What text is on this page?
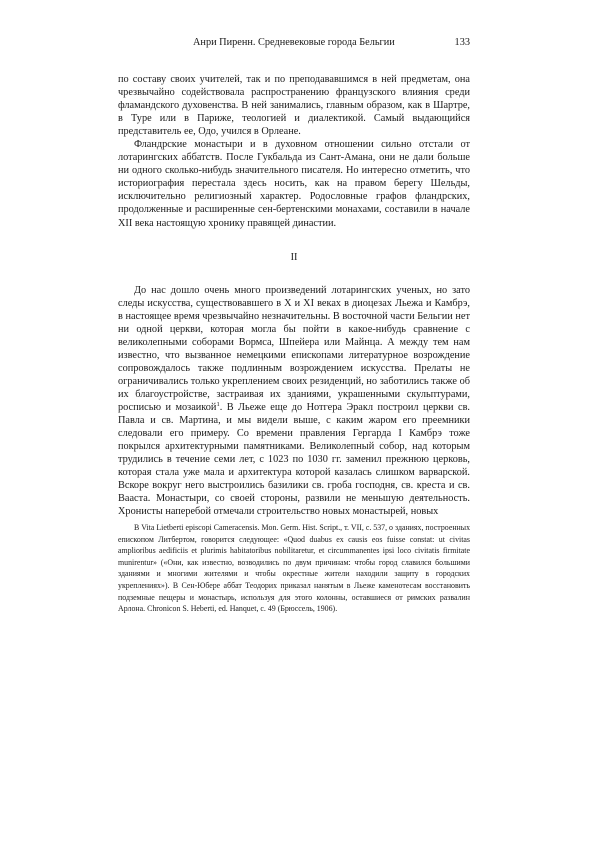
Анри Пиренн. Средневековые города Бельгии	133

по составу своих учителей, так и по преподававшимся в ней предметам, она чрезвычайно содействовала распространению французского влияния среди фламандского духовенства. В ней занимались, главным образом, как в Шартре, в Туре или в Париже, теологией и диалектикой. Самый выдающийся представитель ее, Одо, учился в Орлеане.

Фландрские монастыри и в духовном отношении сильно отстали от лотарингских аббатств. После Гукбальда из Сант-Амана, они не дали больше ни одного сколько-нибудь значительного писателя. Но интересно отметить, что историография перестала здесь носить, как на правом берегу Шельды, исключительно религиозный характер. Родословные графов фландрских, продолженные и расширенные сен-бертенскими монахами, составили в начале XII века настоящую хронику правящей династии.

II

До нас дошло очень много произведений лотарингских ученых, но зато следы искусства, существовавшего в X и XI веках в диоцезах Льежа и Камбрэ, в настоящее время чрезвычайно незначительны. В восточной части Бельгии нет ни одной церкви, которая могла бы пойти в какое-нибудь сравнение с великолепными соборами Вормса, Шпейера или Майнца. А между тем нам известно, что вызванное немецкими епископами литературное возрождение сопровождалось также подлинным возрождением искусства. Прелаты не ограничивались только укреплением своих резиденций, но заботились также об их благоустройстве, застраивая их зданиями, украшенными скульптурами, росписью и мозаикой$^1$. В Льеже еще до Нотгера Эракл построил церкви св. Павла и св. Мартина, и мы видели выше, с каким жаром его преемники следовали его примеру. Со времени правления Гергарда I Камбрэ тоже покрылся архитектурными памятниками. Великолепный собор, над которым трудились в течение семи лет, с 1023 по 1030 гг. заменил прежнюю церковь, которая стала уже мала и архитектура которой казалась слишком варварской. Вскоре вокруг него выстроились базилики св. гроба господня, св. креста и св. Вааста. Монастыри, со своей стороны, развили не меньшую деятельность. Хронисты наперебой отмечали строительство новых монастырей, новых

В Vita Lietberti episcopi Cameracensis. Mon. Germ. Hist. Script., т. VII, с. 537, о зданиях, построенных епископом Литбертом, говорится следующее: «Quod duabus ex causis eos fuisse constat: ut civitas amplioribus aedificiis et plurimis habitatoribus nobilitaretur, et circummanentes ipsi loco civitatis firmitate munirentur» («Они, как известно, возводились по двум причинам: чтобы город славился большими зданиями и многими жителями и чтобы окрестные жители находили защиту в городских укреплениях»). В Сен-Юбере аббат Теодорих приказал нанятым в Льеже каменотесам восстановить подземные пещеры и монастырь, используя для этого колонны, оставшиеся от римских развалин Арлона. Chronicon S. Heberti, ed. Hanquet, c. 49 (Брюссель, 1906).
